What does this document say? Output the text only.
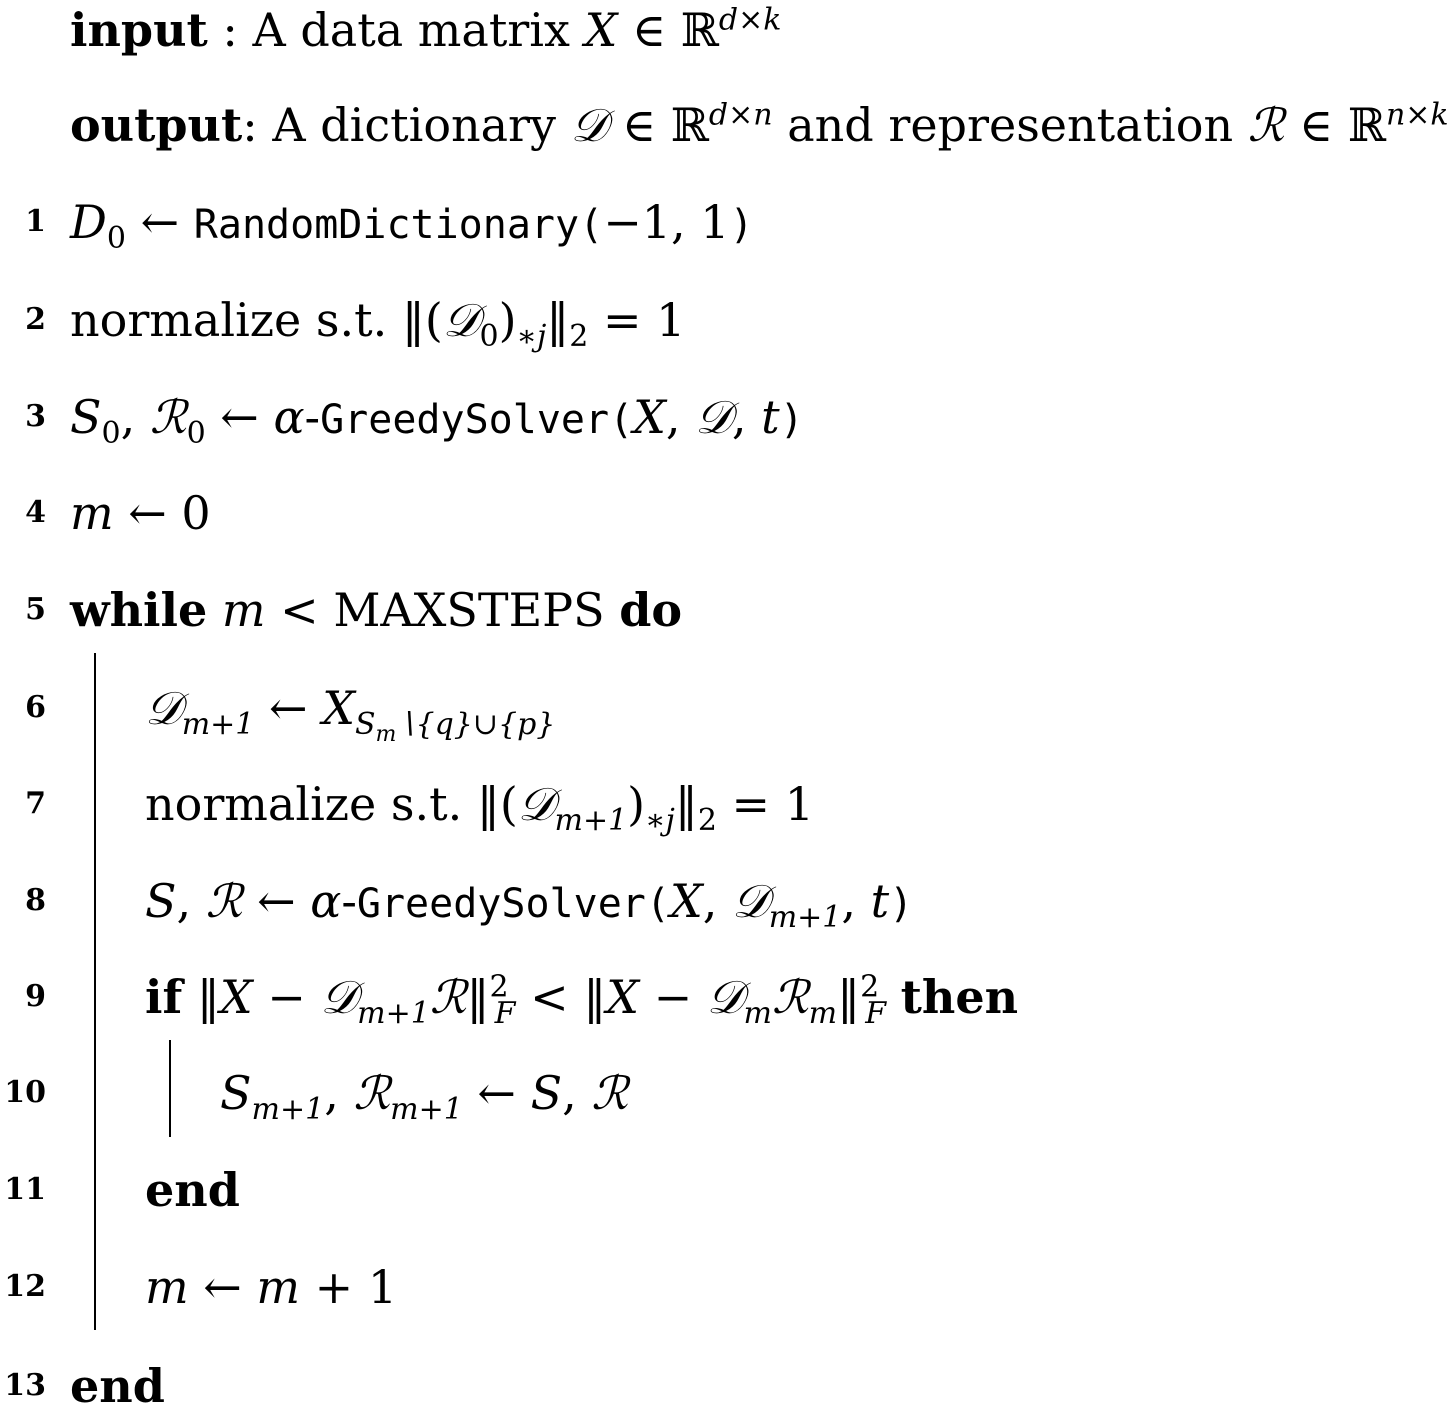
input : A data matrix X ∈ ℝ$^{d\times k}$
output: A dictionary 𝒟 ∈ ℝ$^{d\times n}$ and representation ℛ ∈ ℝ$^{n\times k}$
1 $D_0$ ← RandomDictionary(−1, 1)
2 normalize s.t. $‖(𝒟_0)_{∗j}‖_2 = 1$
3 $S_0$, ℛ$_0$ ← α-GreedySolver(X, 𝒟, t)
4 m ← 0
5 while m < MAXSTEPS do
6 𝒟$_{m+1}$ ← $X_{S_m∖\{q\}\cup\{p\}}$
7 normalize s.t. $‖(𝒟_{m+1})_{∗j}‖_2 = 1$
8 S, ℛ ← α-GreedySolver(X, 𝒟$_{m+1}$, t)
9 if ‖X − 𝒟$_{m+1}$ℛ‖$^2_F$ < ‖X − 𝒟$_m$ℛ$_m$‖$^2_F$ then
10	$S_{m+1}$, ℛ$_{m+1}$ ← S, ℛ
11 end
12 m ← m + 1
13 end
